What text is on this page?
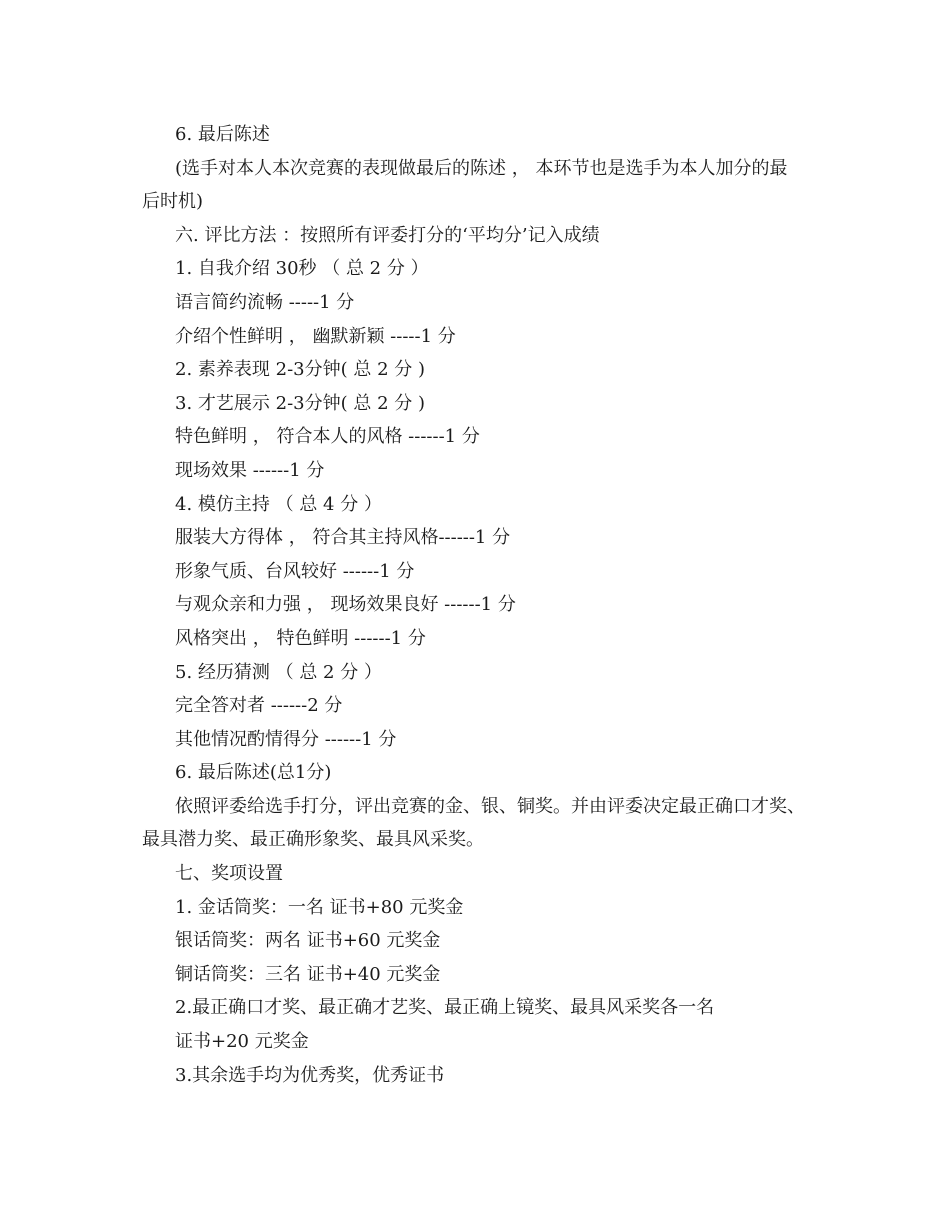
6. 最后陈述
(选手对本人本次竞赛的表现做最后的陈述 ， 本环节也是选手为本人加分的最
后时机)
六. 评比方法 ：按照所有评委打分的‘平均分’记入成绩
1. 自我介绍 30秒 （ 总 2 分 ）
语言简约流畅 -----1 分
介绍个性鲜明 ， 幽默新颖 -----1 分
2. 素养表现 2-3分钟( 总 2 分 )
3. 才艺展示 2-3分钟( 总 2 分 )
特色鲜明 ， 符合本人的风格 ------1 分
现场效果 ------1 分
4. 模仿主持 （ 总 4 分 ）
服装大方得体 ， 符合其主持风格------1 分
形象气质、台风较好 ------1 分
与观众亲和力强 ， 现场效果良好 ------1 分
风格突出 ， 特色鲜明 ------1 分
5. 经历猜测 （ 总 2 分 ）
完全答对者 ------2 分
其他情况酌情得分 ------1 分
6. 最后陈述(总1分)
依照评委给选手打分，评出竞赛的金、银、铜奖。并由评委决定最正确口才奖、
最具潜力奖、最正确形象奖、最具风采奖。
七、奖项设置
1. 金话筒奖：一名 证书+80 元奖金
银话筒奖：两名 证书+60 元奖金
铜话筒奖：三名 证书+40 元奖金
2.最正确口才奖、最正确才艺奖、最正确上镜奖、最具风采奖各一名
证书+20 元奖金
3.其余选手均为优秀奖，优秀证书
